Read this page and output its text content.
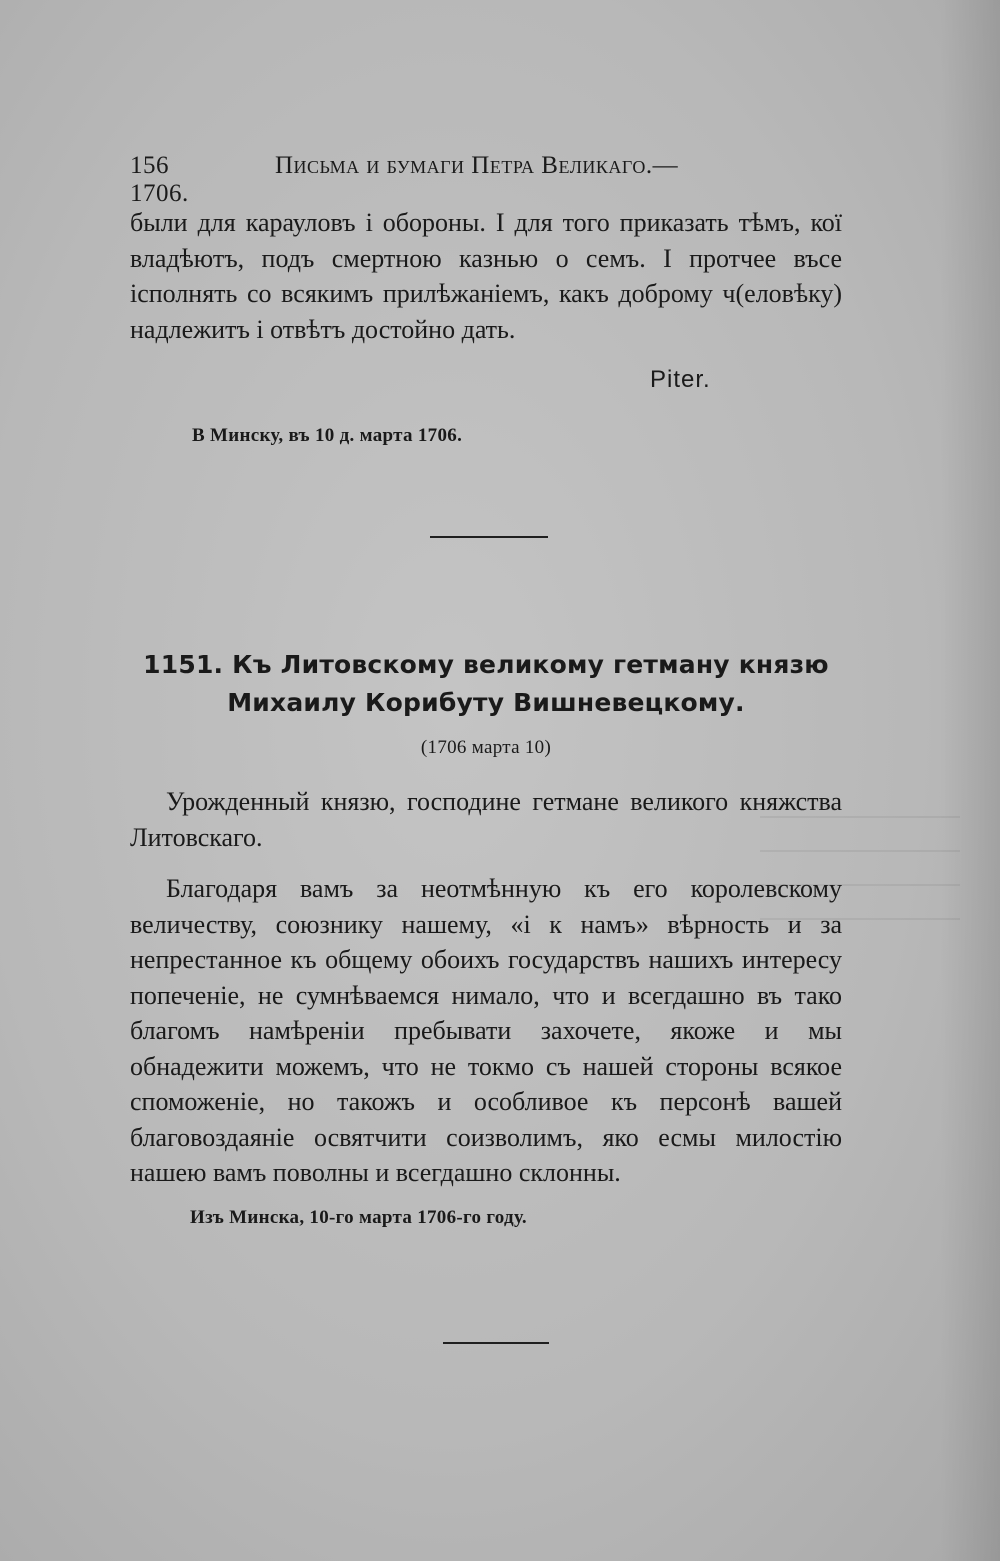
156	Письма и бумаги Петра Великаго.—1706.
были для карауловъ і обороны. І для того приказать тѣмъ, кої владѣютъ, подъ смертною казнью о семъ. І протчее въсе ісполнять со всякимъ прилѣжаніемъ, какъ доброму ч(еловѣку) надлежитъ і отвѣтъ достойно дать.
Piter.
В Минску, въ 10 д. марта 1706.
1151. Къ Литовскому великому гетману князю Михаилу Корибуту Вишневецкому.
(1706 марта 10)
Урожденный князю, господине гетмане великого княжства Литовскаго.
Благодаря вамъ за неотмѣнную къ его королевскому величеству, союзнику нашему, «і к намъ» вѣрность и за непрестанное къ общему обоихъ государствъ нашихъ интересу попеченіе, не сумнѣваемся нимало, что и всегдашно въ тако благомъ намѣреніи пребывати захочете, якоже и мы обнадежити можемъ, что не токмо съ нашей стороны всякое споможеніе, но такожъ и особливое къ персонѣ вашей благовоздаяніе освятчити соизволимъ, яко есмы милостію нашею вамъ поволны и всегдашно склонны.
Изъ Минска, 10-го марта 1706-го году.
